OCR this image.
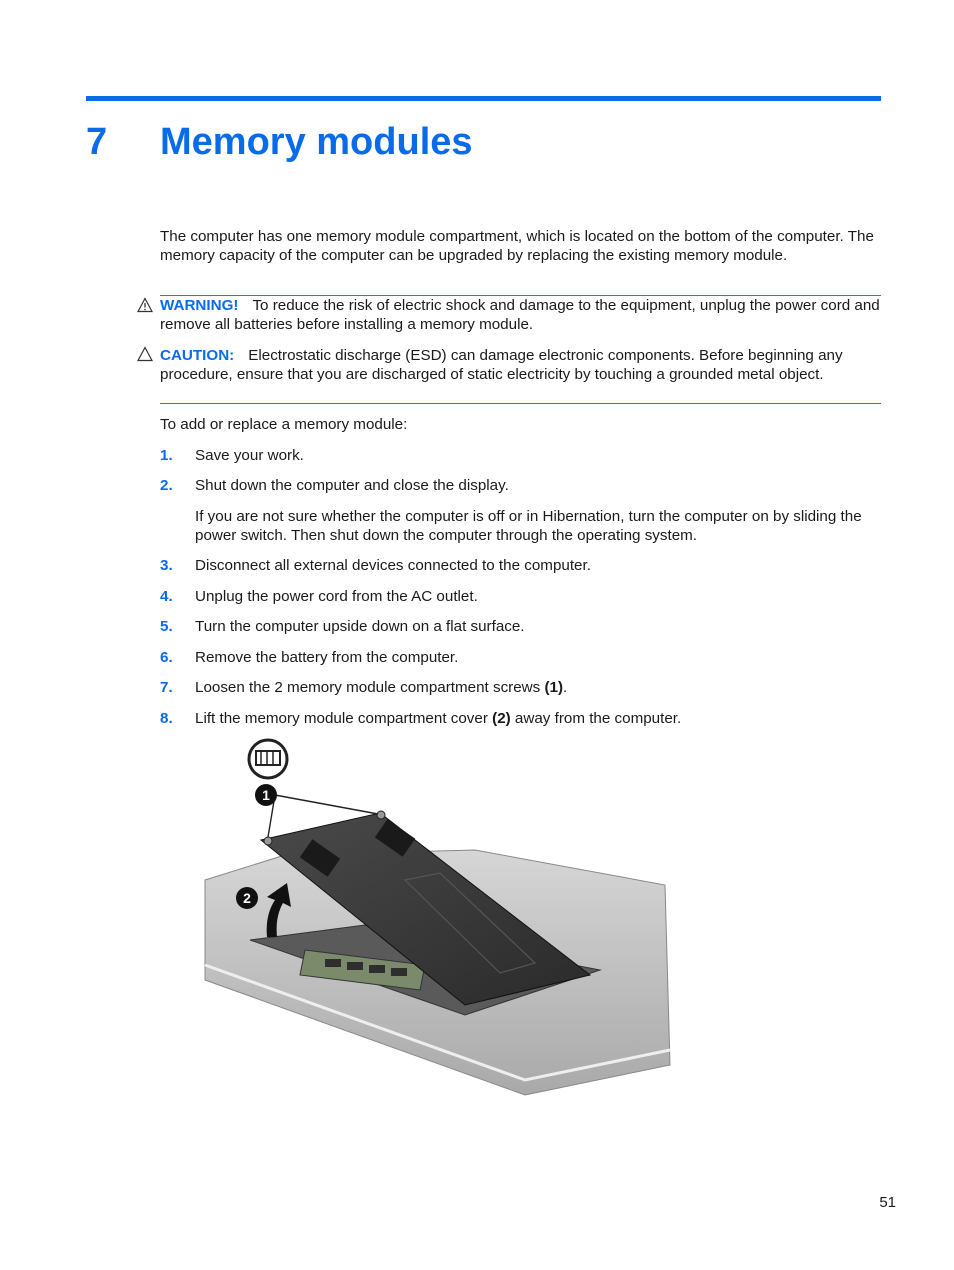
7 Memory modules
The computer has one memory module compartment, which is located on the bottom of the computer. The memory capacity of the computer can be upgraded by replacing the existing memory module.
WARNING! To reduce the risk of electric shock and damage to the equipment, unplug the power cord and remove all batteries before installing a memory module.
CAUTION: Electrostatic discharge (ESD) can damage electronic components. Before beginning any procedure, ensure that you are discharged of static electricity by touching a grounded metal object.
To add or replace a memory module:
1. Save your work.
2. Shut down the computer and close the display.
If you are not sure whether the computer is off or in Hibernation, turn the computer on by sliding the power switch. Then shut down the computer through the operating system.
3. Disconnect all external devices connected to the computer.
4. Unplug the power cord from the AC outlet.
5. Turn the computer upside down on a flat surface.
6. Remove the battery from the computer.
7. Loosen the 2 memory module compartment screws (1).
8. Lift the memory module compartment cover (2) away from the computer.
1
2
51
